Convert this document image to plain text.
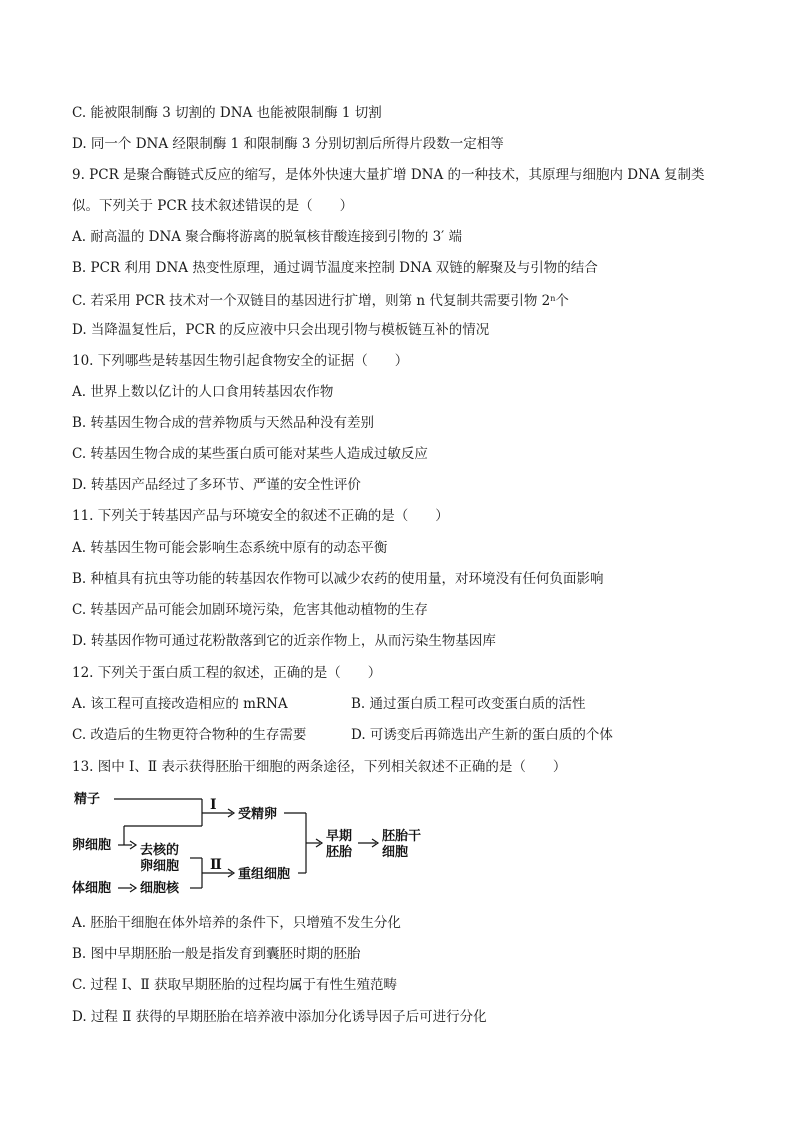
C. 能被限制酶 3 切割的 DNA 也能被限制酶 1 切割
D. 同一个 DNA 经限制酶 1 和限制酶 3 分别切割后所得片段数一定相等
9. PCR 是聚合酶链式反应的缩写，是体外快速大量扩增 DNA 的一种技术，其原理与细胞内 DNA 复制类
似。下列关于 PCR 技术叙述错误的是（　　）
A. 耐高温的 DNA 聚合酶将游离的脱氧核苷酸连接到引物的 3′ 端
B. PCR 利用 DNA 热变性原理，通过调节温度来控制 DNA 双链的解聚及与引物的结合
C. 若采用 PCR 技术对一个双链目的基因进行扩增，则第 n 代复制共需要引物 2$^n$个
D. 当降温复性后，PCR 的反应液中只会出现引物与模板链互补的情况
10. 下列哪些是转基因生物引起食物安全的证据（　　）
A. 世界上数以亿计的人口食用转基因农作物
B. 转基因生物合成的营养物质与天然品种没有差别
C. 转基因生物合成的某些蛋白质可能对某些人造成过敏反应
D. 转基因产品经过了多环节、严谨的安全性评价
11. 下列关于转基因产品与环境安全的叙述不正确的是（　　）
A. 转基因生物可能会影响生态系统中原有的动态平衡
B. 种植具有抗虫等功能的转基因农作物可以减少农药的使用量，对环境没有任何负面影响
C. 转基因产品可能会加剧环境污染，危害其他动植物的生存
D. 转基因作物可通过花粉散落到它的近亲作物上，从而污染生物基因库
12. 下列关于蛋白质工程的叙述，正确的是（　　）
A. 该工程可直接改造相应的 mRNA	B. 通过蛋白质工程可改变蛋白质的活性
C. 改造后的生物更符合物种的生存需要	D. 可诱变后再筛选出产生新的蛋白质的个体
13. 图中 Ⅰ、Ⅱ 表示获得胚胎干细胞的两条途径，下列相关叙述不正确的是（　　）
精子
卵细胞
体细胞
去核的
卵细胞
细胞核
Ⅰ
受精卵
Ⅱ
重组细胞
早期
胚胎
胚胎干
细胞
A. 胚胎干细胞在体外培养的条件下，只增殖不发生分化
B. 图中早期胚胎一般是指发育到囊胚时期的胚胎
C. 过程 Ⅰ、Ⅱ 获取早期胚胎的过程均属于有性生殖范畴
D. 过程 Ⅱ 获得的早期胚胎在培养液中添加分化诱导因子后可进行分化
